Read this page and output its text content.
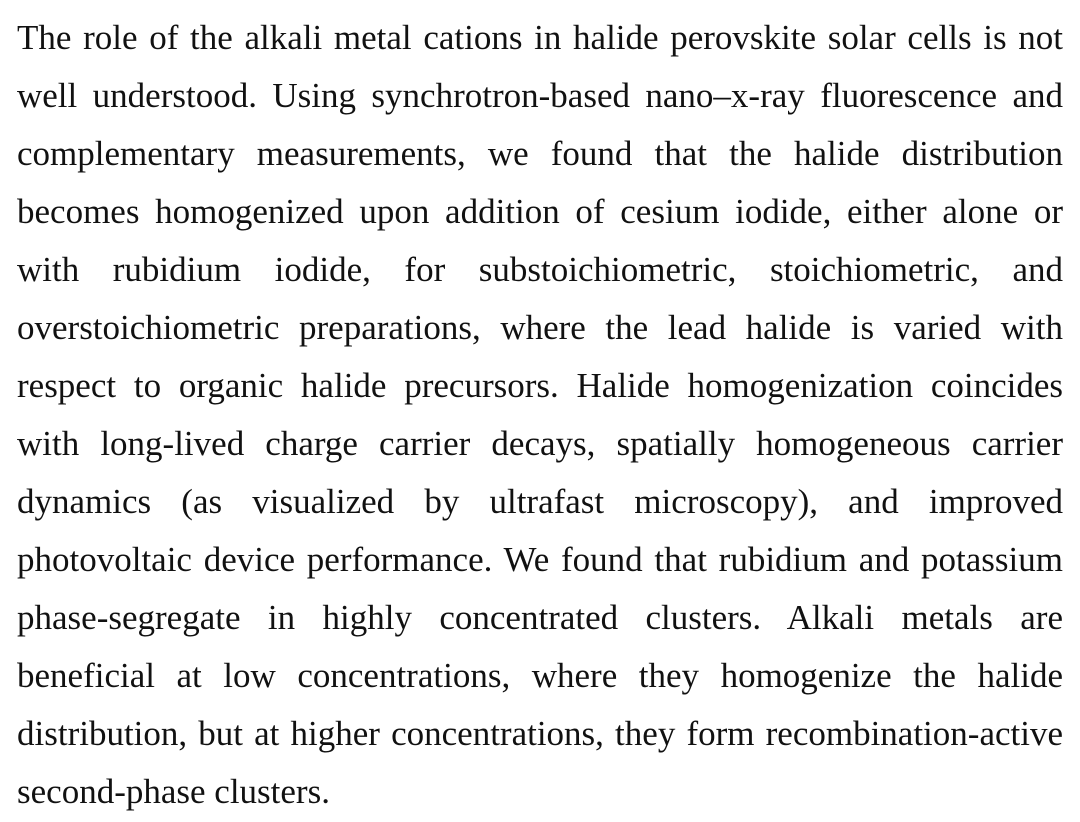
The role of the alkali metal cations in halide perovskite solar cells is not
well understood. Using synchrotron-based nano–x-ray fluorescence and
complementary measurements, we found that the halide distribution
becomes homogenized upon addition of cesium iodide, either alone or
with rubidium iodide, for substoichiometric, stoichiometric, and
overstoichiometric preparations, where the lead halide is varied with
respect to organic halide precursors. Halide homogenization coincides
with long-lived charge carrier decays, spatially homogeneous carrier
dynamics (as visualized by ultrafast microscopy), and improved
photovoltaic device performance. We found that rubidium and potassium
phase-segregate in highly concentrated clusters. Alkali metals are
beneficial at low concentrations, where they homogenize the halide
distribution, but at higher concentrations, they form recombination-active
second-phase clusters.
